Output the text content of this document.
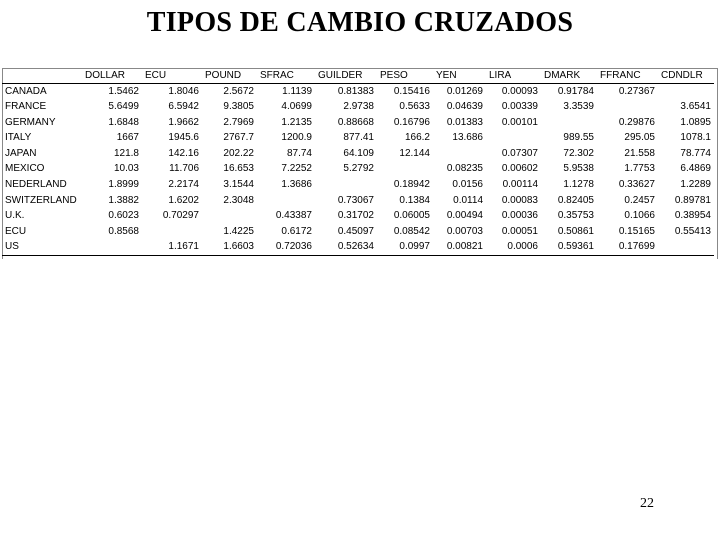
TIPOS DE CAMBIO CRUZADOS
	DOLLAR	ECU	POUND	SFRAC	GUILDER	PESO	YEN	LIRA	DMARK	FFRANC	CDNDLR
CANADA	1.5462	1.8046	2.5672	1.1139	0.81383	0.15416	0.01269	0.00093	0.91784	0.27367	
FRANCE	5.6499	6.5942	9.3805	4.0699	2.9738	0.5633	0.04639	0.00339	3.3539		3.6541
GERMANY	1.6848	1.9662	2.7969	1.2135	0.88668	0.16796	0.01383	0.00101		0.29876	1.0895
ITALY	1667	1945.6	2767.7	1200.9	877.41	166.2	13.686		989.55	295.05	1078.1
JAPAN	121.8	142.16	202.22	87.74	64.109	12.144		0.07307	72.302	21.558	78.774
MEXICO	10.03	11.706	16.653	7.2252	5.2792		0.08235	0.00602	5.9538	1.7753	6.4869
NEDERLAND	1.8999	2.2174	3.1544	1.3686		0.18942	0.0156	0.00114	1.1278	0.33627	1.2289
SWITZERLAND	1.3882	1.6202	2.3048		0.73067	0.1384	0.0114	0.00083	0.82405	0.2457	0.89781
U.K.	0.6023	0.70297		0.43387	0.31702	0.06005	0.00494	0.00036	0.35753	0.1066	0.38954
ECU	0.8568		1.4225	0.6172	0.45097	0.08542	0.00703	0.00051	0.50861	0.15165	0.55413
US		1.1671	1.6603	0.72036	0.52634	0.0997	0.00821	0.0006	0.59361	0.17699	
22
